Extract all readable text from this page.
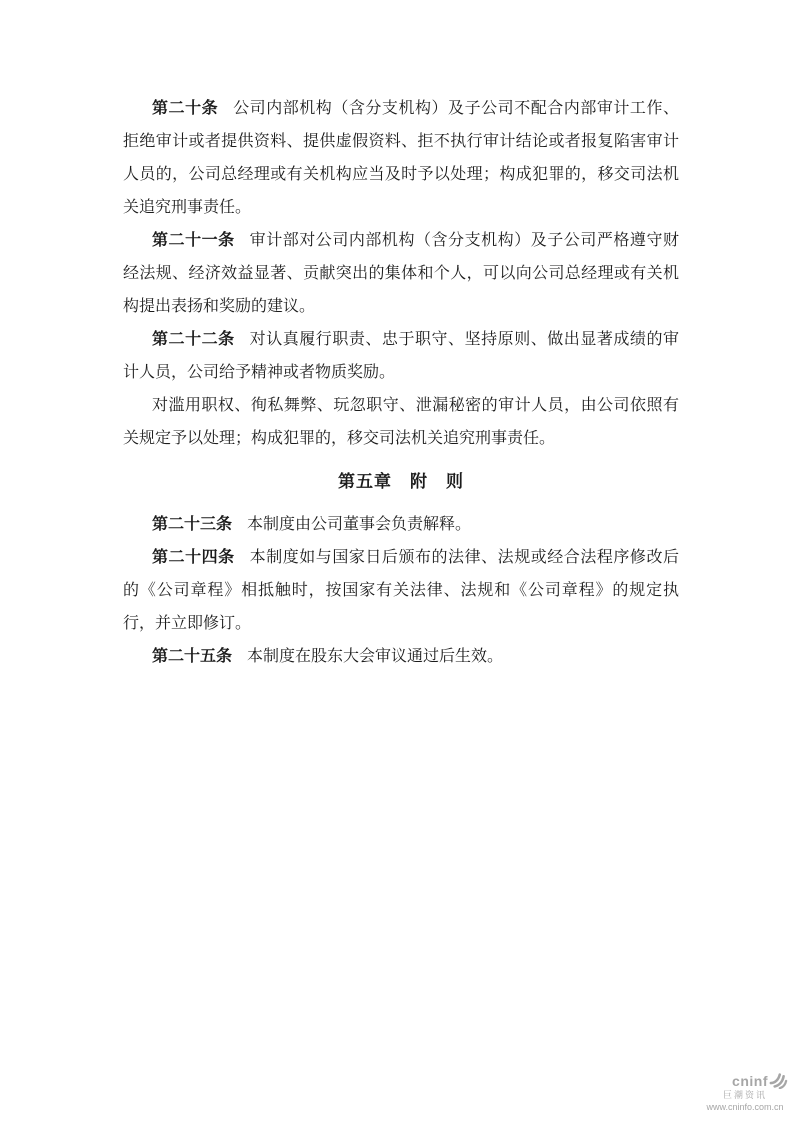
第二十条 公司内部机构（含分支机构）及子公司不配合内部审计工作、拒绝审计或者提供资料、提供虚假资料、拒不执行审计结论或者报复陷害审计人员的，公司总经理或有关机构应当及时予以处理；构成犯罪的，移交司法机关追究刑事责任。

第二十一条 审计部对公司内部机构（含分支机构）及子公司严格遵守财经法规、经济效益显著、贡献突出的集体和个人，可以向公司总经理或有关机构提出表扬和奖励的建议。

第二十二条 对认真履行职责、忠于职守、坚持原则、做出显著成绩的审计人员，公司给予精神或者物质奖励。

对滥用职权、徇私舞弊、玩忽职守、泄漏秘密的审计人员，由公司依照有关规定予以处理；构成犯罪的，移交司法机关追究刑事责任。

第五章　附　则

第二十三条 本制度由公司董事会负责解释。

第二十四条 本制度如与国家日后颁布的法律、法规或经合法程序修改后的《公司章程》相抵触时，按国家有关法律、法规和《公司章程》的规定执行，并立即修订。

第二十五条 本制度在股东大会审议通过后生效。

cninf
巨潮资讯
www.cninfo.com.cn
